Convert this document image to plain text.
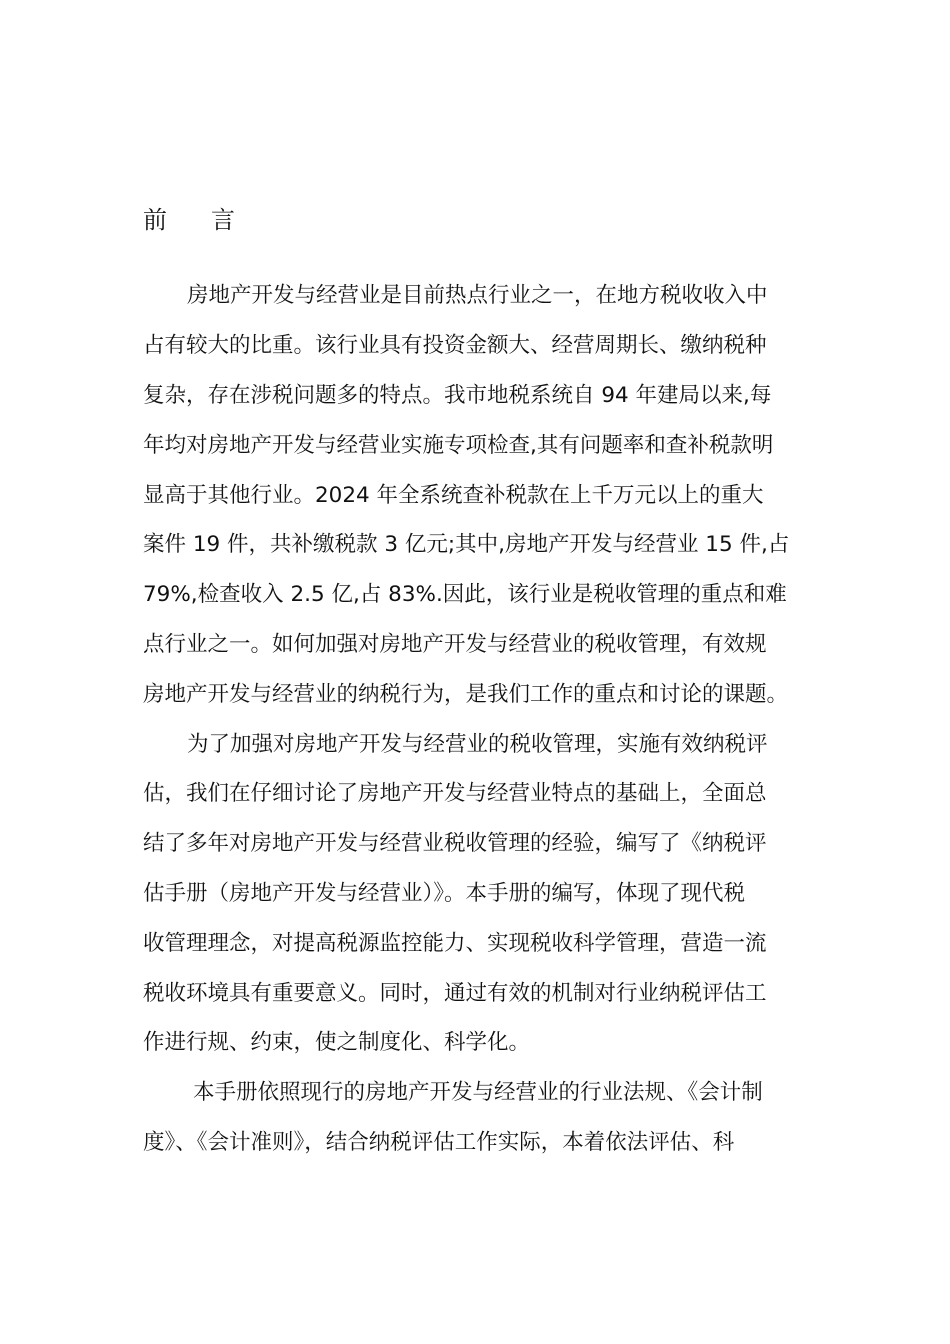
前言
房地产开发与经营业是目前热点行业之一，在地方税收收入中
占有较大的比重。该行业具有投资金额大、经营周期长、缴纳税种
复杂，存在涉税问题多的特点。我市地税系统自 94 年建局以来,每
年均对房地产开发与经营业实施专项检查,其有问题率和查补税款明
显高于其他行业。2024 年全系统查补税款在上千万元以上的重大
案件 19 件，共补缴税款 3 亿元;其中,房地产开发与经营业 15 件,占
79%,检查收入 2.5 亿,占 83%.因此，该行业是税收管理的重点和难
点行业之一。如何加强对房地产开发与经营业的税收管理，有效规
房地产开发与经营业的纳税行为，是我们工作的重点和讨论的课题。
为了加强对房地产开发与经营业的税收管理，实施有效纳税评
估，我们在仔细讨论了房地产开发与经营业特点的基础上，全面总
结了多年对房地产开发与经营业税收管理的经验，编写了《纳税评
估手册（房地产开发与经营业）》。本手册的编写，体现了现代税
收管理理念，对提高税源监控能力、实现税收科学管理，营造一流
税收环境具有重要意义。同时，通过有效的机制对行业纳税评估工
作进行规、约束，使之制度化、科学化。
本手册依照现行的房地产开发与经营业的行业法规、《会计制
度》、《会计准则》，结合纳税评估工作实际，本着依法评估、科
